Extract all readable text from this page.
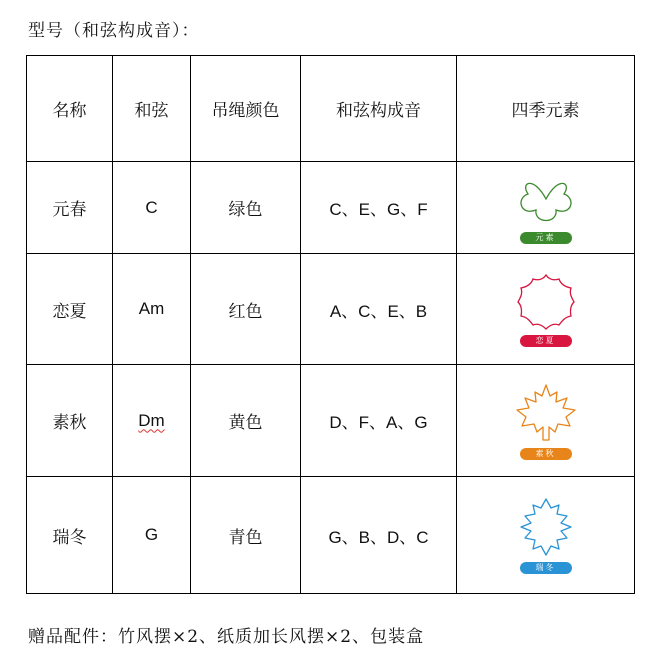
型号（和弦构成音）：
名称	和弦	吊绳颜色	和弦构成音	四季元素
元春	C	绿色	C、E、G、F	元素

恋夏	Am	红色	A、C、E、B	恋夏

素秋	Dm	黄色	D、F、A、G	素秋

瑞冬	G	青色	G、B、D、C	瑞冬
赠品配件：竹风摆×2、纸质加长风摆×2、包装盒
